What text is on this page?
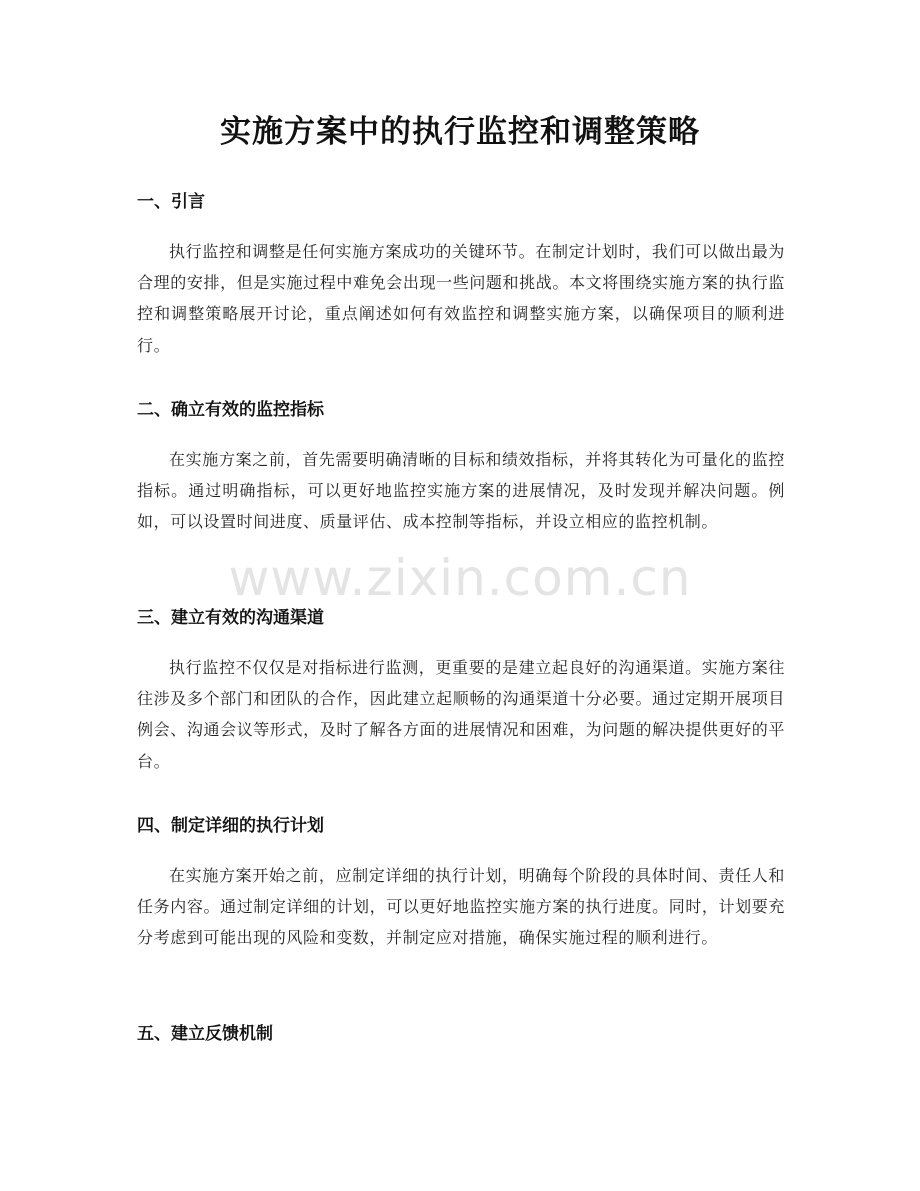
实施方案中的执行监控和调整策略
一、引言
执行监控和调整是任何实施方案成功的关键环节。在制定计划时，我们可以做出最为合理的安排，但是实施过程中难免会出现一些问题和挑战。本文将围绕实施方案的执行监控和调整策略展开讨论，重点阐述如何有效监控和调整实施方案，以确保项目的顺利进行。
二、确立有效的监控指标
在实施方案之前，首先需要明确清晰的目标和绩效指标，并将其转化为可量化的监控指标。通过明确指标，可以更好地监控实施方案的进展情况，及时发现并解决问题。例如，可以设置时间进度、质量评估、成本控制等指标，并设立相应的监控机制。
三、建立有效的沟通渠道
执行监控不仅仅是对指标进行监测，更重要的是建立起良好的沟通渠道。实施方案往往涉及多个部门和团队的合作，因此建立起顺畅的沟通渠道十分必要。通过定期开展项目例会、沟通会议等形式，及时了解各方面的进展情况和困难，为问题的解决提供更好的平台。
四、制定详细的执行计划
在实施方案开始之前，应制定详细的执行计划，明确每个阶段的具体时间、责任人和任务内容。通过制定详细的计划，可以更好地监控实施方案的执行进度。同时，计划要充分考虑到可能出现的风险和变数，并制定应对措施，确保实施过程的顺利进行。
五、建立反馈机制
www.zixin.com.cn
